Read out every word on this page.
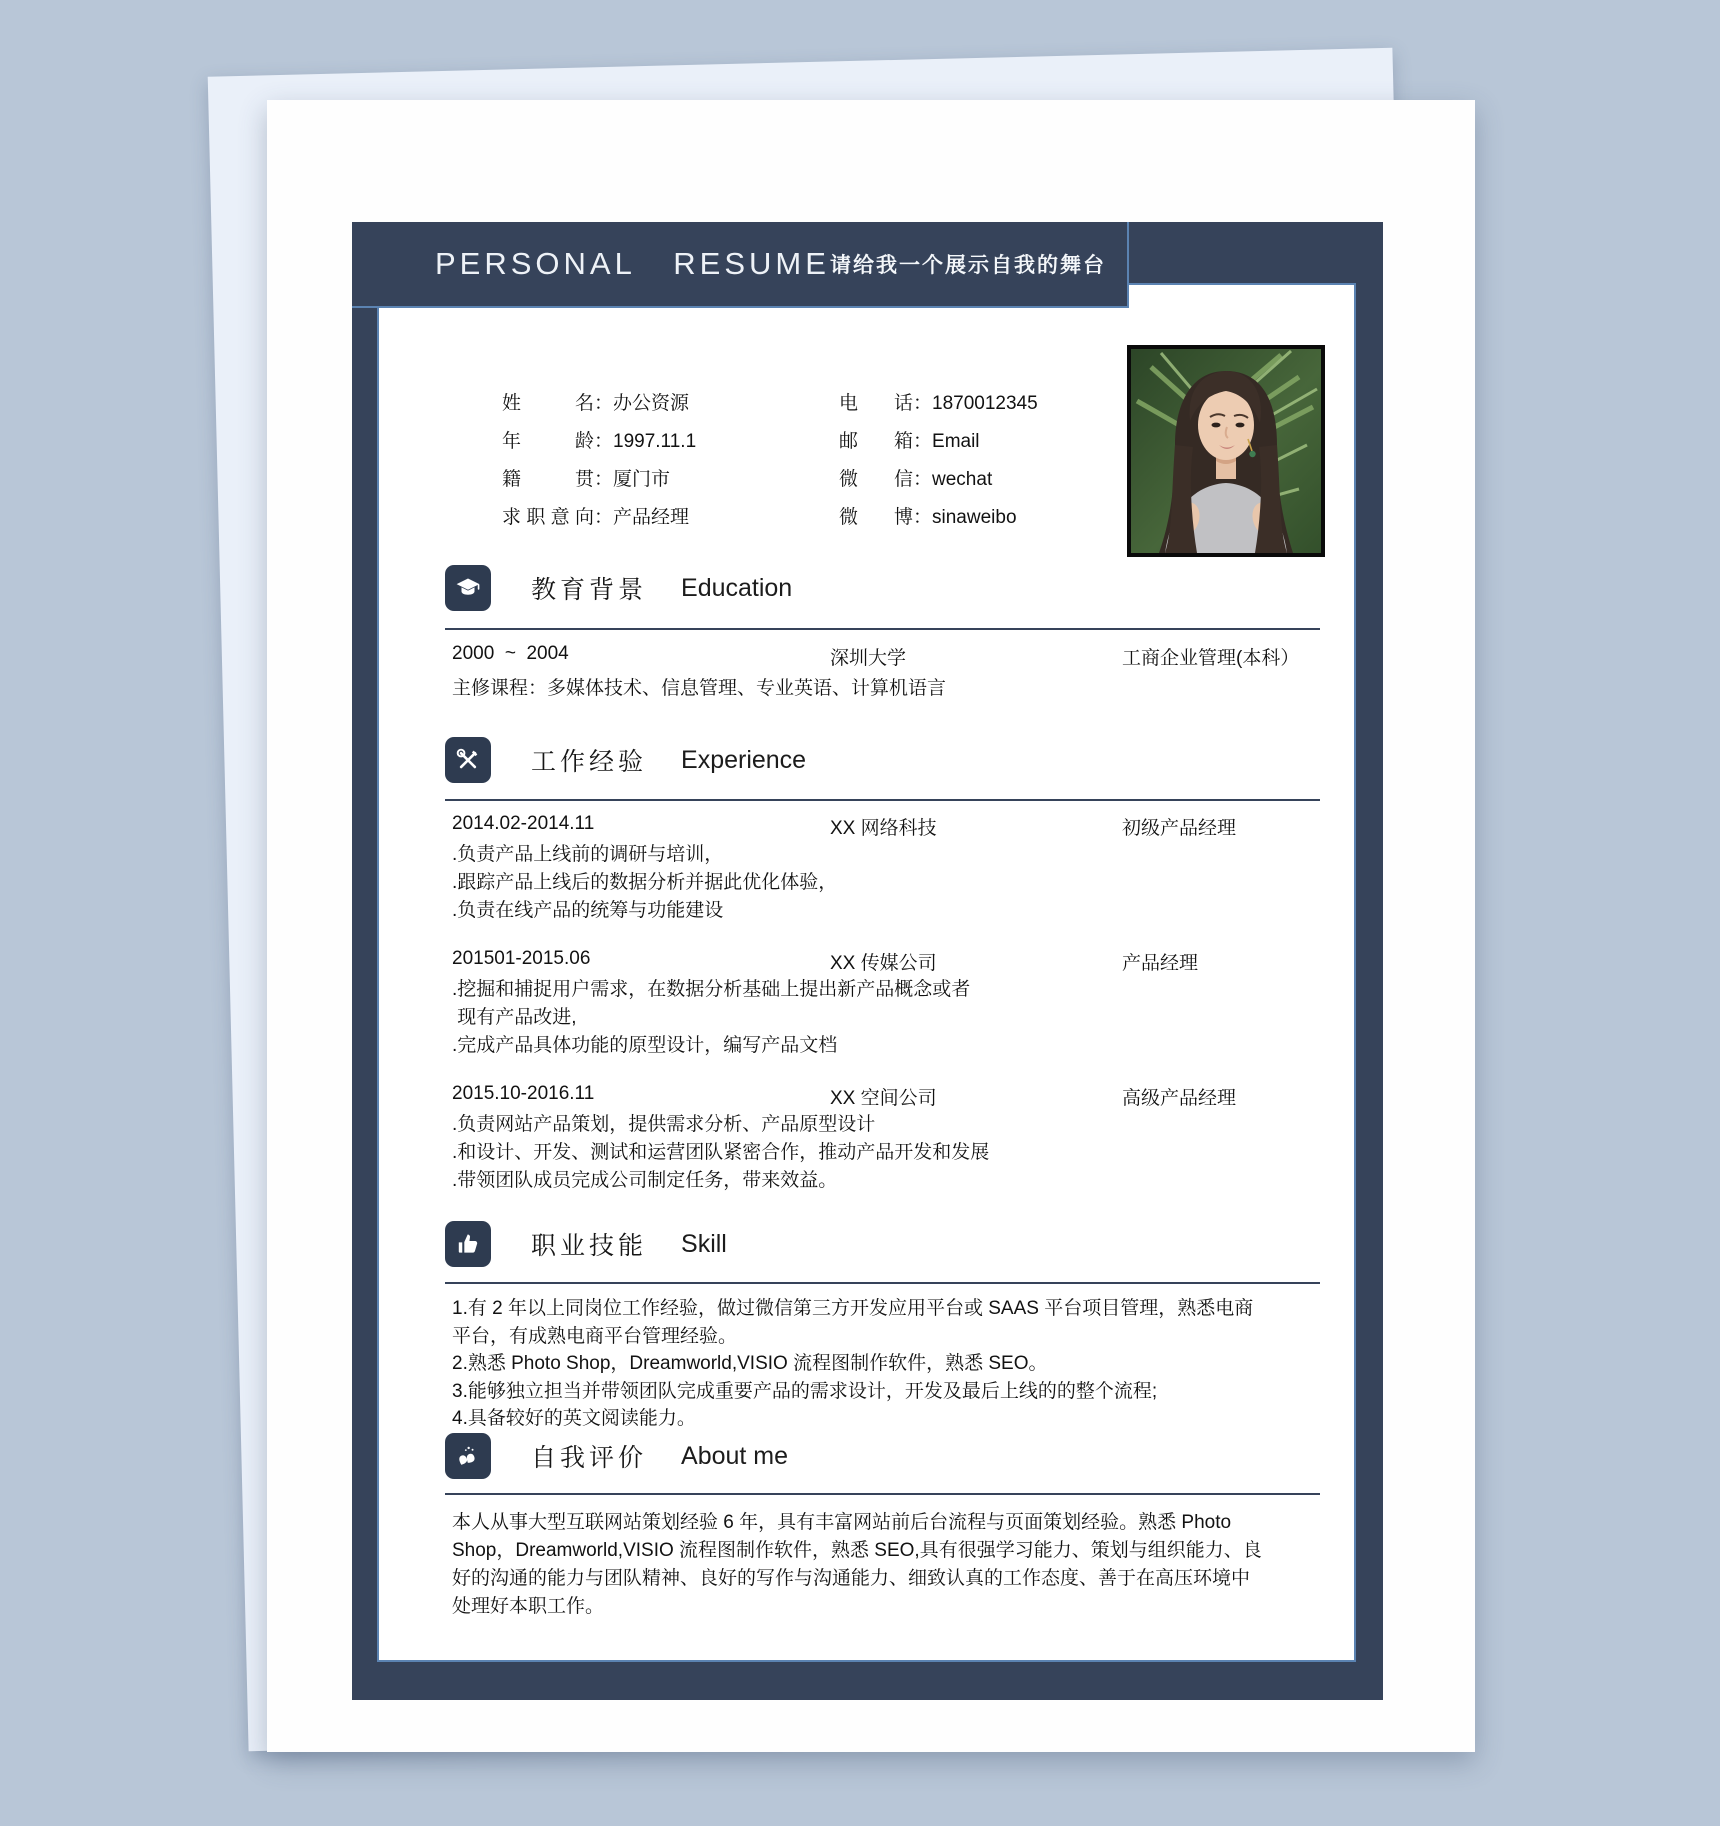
姓名：办公资源
年龄：1997.11.1
籍贯：厦门市
求职意向：产品经理
电话：1870012345
邮箱：Email
微信：wechat
微博：sinaweibo
教育背景 Education
2000  ~  2004	深圳大学	工商企业管理(本科）
主修课程：多媒体技术、信息管理、专业英语、计算机语言
工作经验 Experience
2014.02-2014.11	XX 网络科技	初级产品经理
.负责产品上线前的调研与培训，
.跟踪产品上线后的数据分析并据此优化体验，
.负责在线产品的统筹与功能建设
201501-2015.06	XX 传媒公司	产品经理
.挖掘和捕捉用户需求，在数据分析基础上提出新产品概念或者
现有产品改进,
.完成产品具体功能的原型设计，编写产品文档
2015.10-2016.11	XX 空间公司	高级产品经理
.负责网站产品策划，提供需求分析、产品原型设计
.和设计、开发、测试和运营团队紧密合作，推动产品开发和发展
.带领团队成员完成公司制定任务，带来效益。
职业技能 Skill
1.有 2 年以上同岗位工作经验，做过微信第三方开发应用平台或 SAAS 平台项目管理，熟悉电商
平台，有成熟电商平台管理经验。
2.熟悉 Photo Shop，Dreamworld,VISIO 流程图制作软件，熟悉 SEO。
3.能够独立担当并带领团队完成重要产品的需求设计，开发及最后上线的的整个流程;
4.具备较好的英文阅读能力。
自我评价 About me
本人从事大型互联网站策划经验 6 年，具有丰富网站前后台流程与页面策划经验。熟悉 Photo
Shop，Dreamworld,VISIO 流程图制作软件，熟悉 SEO,具有很强学习能力、策划与组织能力、良
好的沟通的能力与团队精神、良好的写作与沟通能力、细致认真的工作态度、善于在高压环境中
处理好本职工作。
PERSONAL RESUME 请给我一个展示自我的舞台
